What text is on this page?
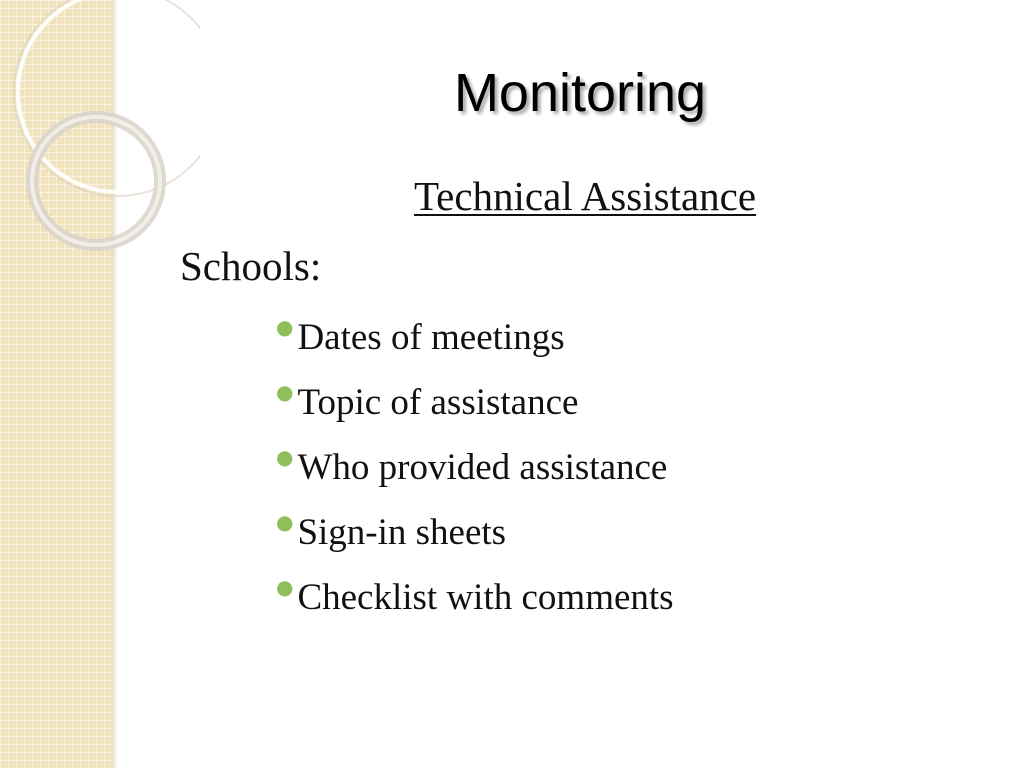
Monitoring
Technical Assistance
Schools:
● Dates of meetings
● Topic of assistance
● Who provided assistance
● Sign-in sheets
● Checklist with comments
